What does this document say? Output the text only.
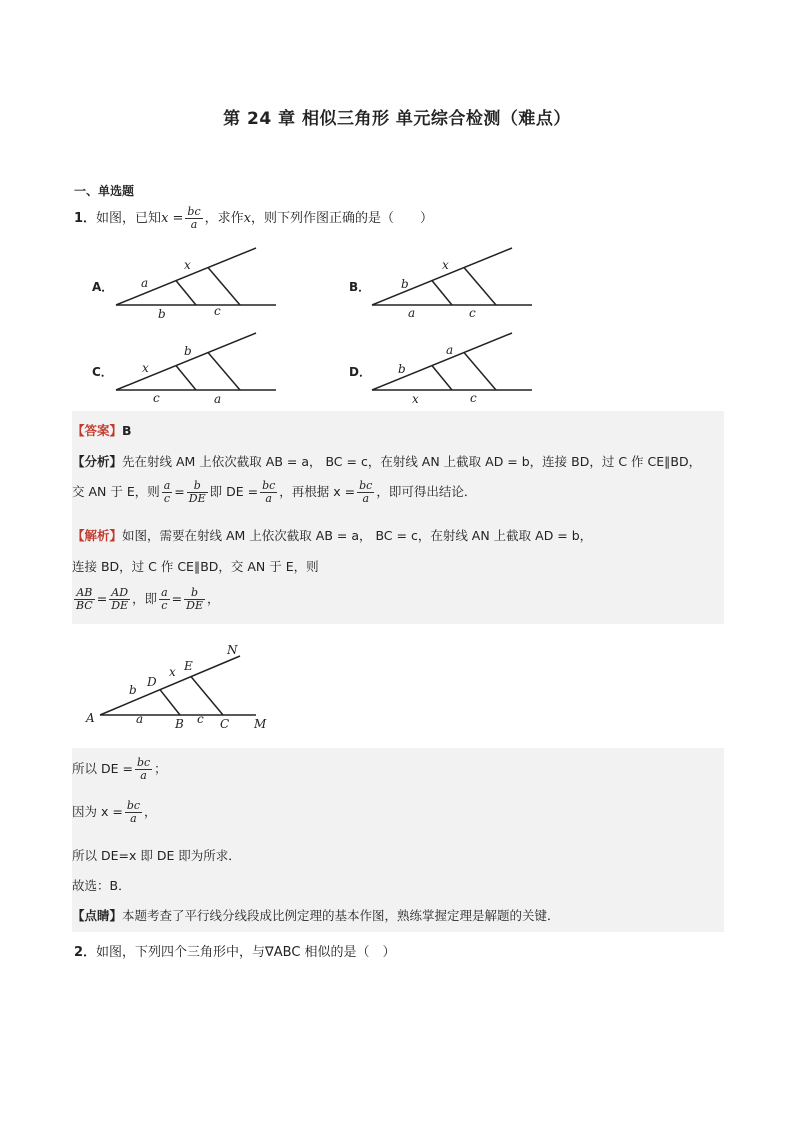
第 24 章 相似三角形 单元综合检测（难点）
一、单选题
1．如图，已知$x = \frac{bc}{a}$ ，求作x，则下列作图正确的是（　　）
A． a
x
b	c
B．	b
x
a	c
C． x
b
c	a
D． b
a
x	c
【答案】B
【分析】先在射线 AM 上依次截取 AB = a， BC = c，在射线 AN 上截取 AD = b，连接 BD，过 C 作 CE∥BD，
交 AN 于 E，则 $\frac{a}{c} = \frac{b}{DE}$ 即 DE = $\frac{bc}{a}$ ，再根据 $x = \frac{bc}{a}$ ，即可得出结论．
【解析】如图，需要在射线 AM 上依次截取 AB = a， BC = c，在射线 AN 上截取 AD = b，
连接 BD，过 C 作 CE∥BD，交 AN 于 E，则
$\frac{AB}{BC} = \frac{AD}{DE}$ ，即 $\frac{a}{c} = \frac{b}{DE}$ ，
A	B	C
D
E
M
N
a	c
b
x
所以 DE = $\frac{bc}{a}$ ；
因为 $x = \frac{bc}{a}$ ，
所以 DE=x 即 DE 即为所求．
故选：B．
【点睛】本题考查了平行线分线段成比例定理的基本作图，熟练掌握定理是解题的关键．
2．如图，下列四个三角形中，与∇ABC 相似的是（　）
